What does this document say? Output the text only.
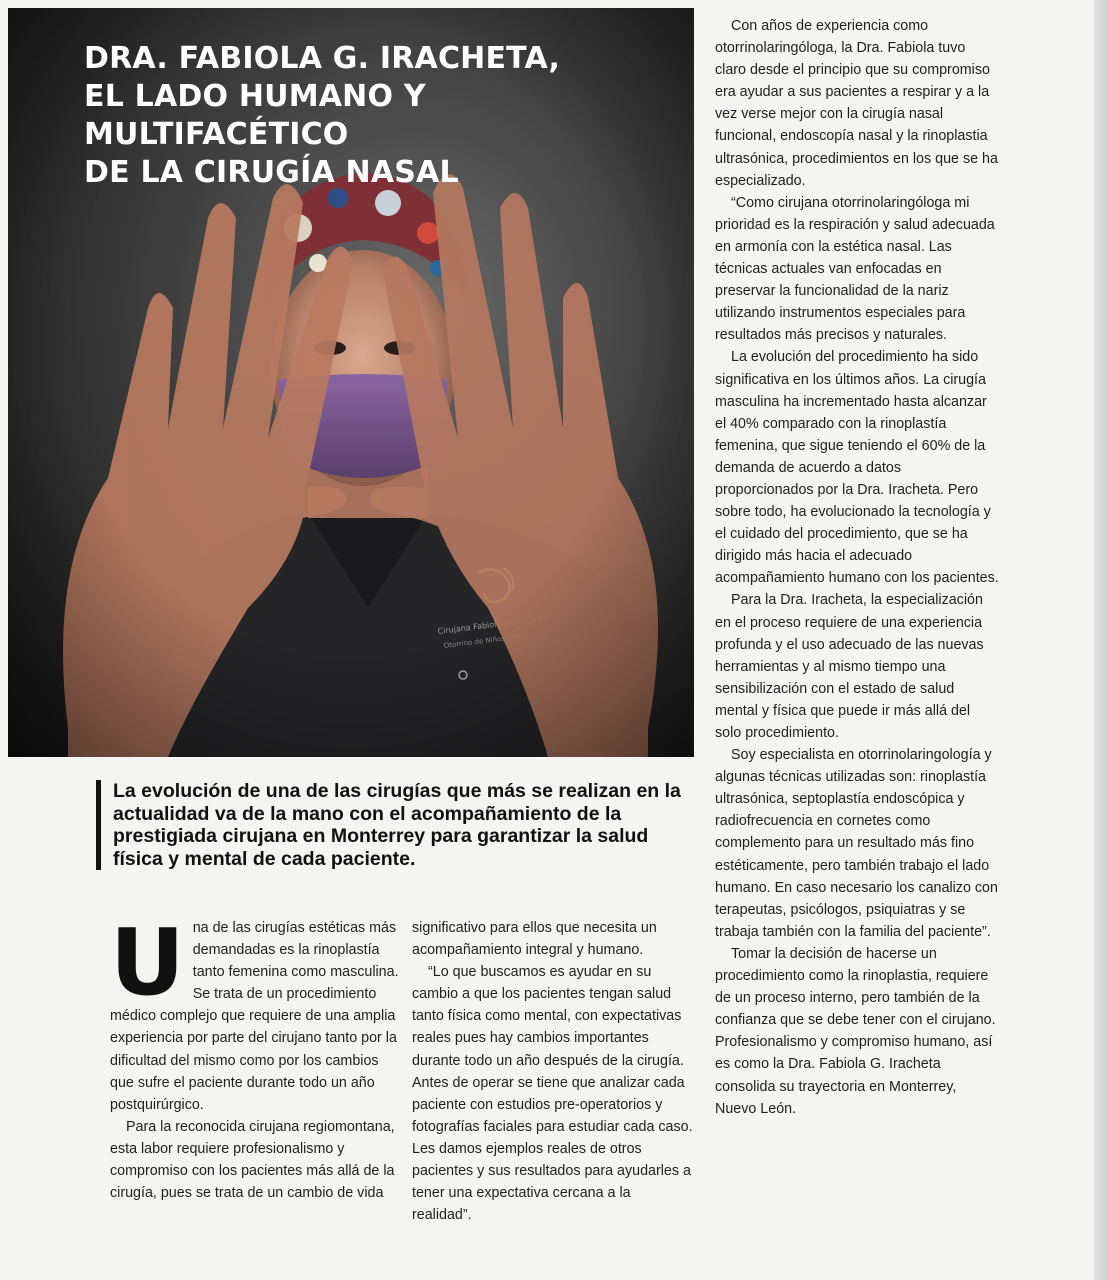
DRA. FABIOLA G. IRACHETA,
EL LADO HUMANO Y MULTIFACÉTICO
DE LA CIRUGÍA NASAL

La evolución de una de las cirugías que más se realizan en la actualidad va de la mano con el acompañamiento de la prestigiada cirujana en Monterrey para garantizar la salud física y mental de cada paciente.

U na de las cirugías estéticas más demandadas es la rinoplastía tanto femenina como masculina. Se trata de un procedimiento médico complejo que requiere de una amplia experiencia por parte del cirujano tanto por la dificultad del mismo como por los cambios que sufre el paciente durante todo un año postquirúrgico.

Para la reconocida cirujana regiomontana, esta labor requiere profesionalismo y compromiso con los pacientes más allá de la cirugía, pues se trata de un cambio de vida

significativo para ellos que necesita un acompañamiento integral y humano.

“Lo que buscamos es ayudar en su cambio a que los pacientes tengan salud tanto física como mental, con expectativas reales pues hay cambios importantes durante todo un año después de la cirugía. Antes de operar se tiene que analizar cada paciente con estudios pre-operatorios y fotografías faciales para estudiar cada caso. Les damos ejemplos reales de otros pacientes y sus resultados para ayudarles a tener una expectativa cercana a la realidad”.

Con años de experiencia como otorrinolaringóloga, la Dra. Fabiola tuvo claro desde el principio que su compromiso era ayudar a sus pacientes a respirar y a la vez verse mejor con la cirugía nasal funcional, endoscopía nasal y la rinoplastia ultrasónica, procedimientos en los que se ha especializado.

“Como cirujana otorrinolaringóloga mi prioridad es la respiración y salud adecuada en armonía con la estética nasal. Las técnicas actuales van enfocadas en preservar la funcionalidad de la nariz utilizando instrumentos especiales para resultados más precisos y naturales.

La evolución del procedimiento ha sido significativa en los últimos años. La cirugía masculina ha incrementado hasta alcanzar el 40% comparado con la rinoplastía femenina, que sigue teniendo el 60% de la demanda de acuerdo a datos proporcionados por la Dra. Iracheta. Pero sobre todo, ha evolucionado la tecnología y el cuidado del procedimiento, que se ha dirigido más hacia el adecuado acompañamiento humano con los pacientes.

Para la Dra. Iracheta, la especialización en el proceso requiere de una experiencia profunda y el uso adecuado de las nuevas herramientas y al mismo tiempo una sensibilización con el estado de salud mental y física que puede ir más allá del solo procedimiento.

Soy especialista en otorrinolaringología y algunas técnicas utilizadas son: rinoplastía ultrasónica, septoplastía endoscópica y radiofrecuencia en cornetes como complemento para un resultado más fino estéticamente, pero también trabajo el lado humano. En caso necesario los canalizo con terapeutas, psicólogos, psiquiatras y se trabaja también con la familia del paciente”.

Tomar la decisión de hacerse un procedimiento como la rinoplastia, requiere de un proceso interno, pero también de la confianza que se debe tener con el cirujano. Profesionalismo y compromiso humano, así es como la Dra. Fabiola G. Iracheta consolida su trayectoria en Monterrey, Nuevo León.
